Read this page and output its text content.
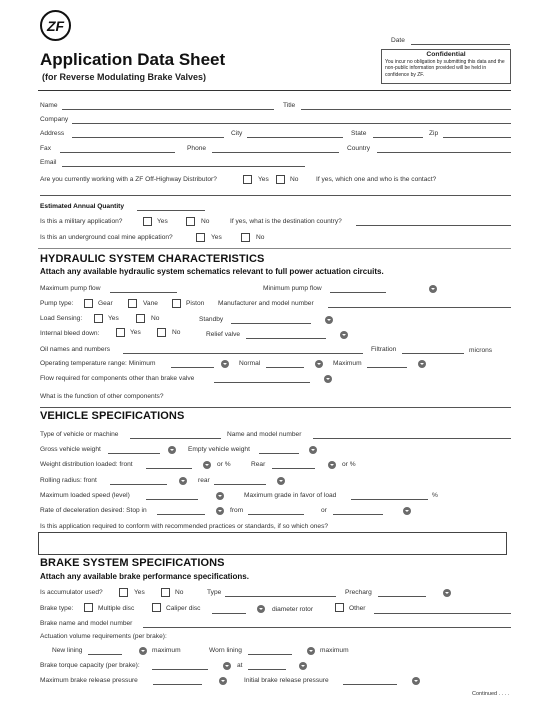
ZF
Application Data Sheet
(for Reverse Modulating Brake Valves)
Date
Confidential
You incur no obligation by submitting this data and the non-public information provided will be held in confidence by ZF.
Name	Title
Company
Address	City	State	Zip
Fax	Phone	Country
Email
Are you currently working with a ZF Off-Highway Distributor?	Yes	No	If yes, which one and who is the contact?
Estimated Annual Quantity
Is this a military application?	Yes	No	If yes, what is the destination country?
Is this an underground coal mine application?	Yes	No
HYDRAULIC SYSTEM CHARACTERISTICS
Attach any available hydraulic system schematics relevant to full power actuation circuits.
Maximum pump flow	Minimum pump flow
Pump type:	Gear	Vane	Piston Manufacturer and model number
Load Sensing:	Yes	No	Standby
Internal bleed down:	Yes	No	Relief valve
Oil names and numbers	Filtration	microns
Operating temperature range: Minimum	Normal	Maximum
Flow required for components other than brake valve
What is the function of other components?
VEHICLE SPECIFICATIONS
Type of vehicle or machine	Name and model number
Gross vehicle weight	Empty vehicle weight
Weight distribution loaded: front	or %	Rear	or %
Rolling radius: front	rear
Maximum loaded speed (level)	Maximum grade in favor of load	%
Rate of deceleration desired: Stop in	from	or
Is this application required to conform with recommended practices or standards, if so which ones?
BRAKE SYSTEM SPECIFICATIONS
Attach any available brake performance specifications.
Is accumulator used?	Yes	No	Type	Precharg
Brake type:	Multiple disc	Caliper disc	diameter rotor	Other
Brake name and model number
Actuation volume requirements (per brake):
New lining	maximum	Worn lining	maximum
Brake torque capacity (per brake):	at
Maximum brake release pressure	Initial brake release pressure
Continued . . . .
